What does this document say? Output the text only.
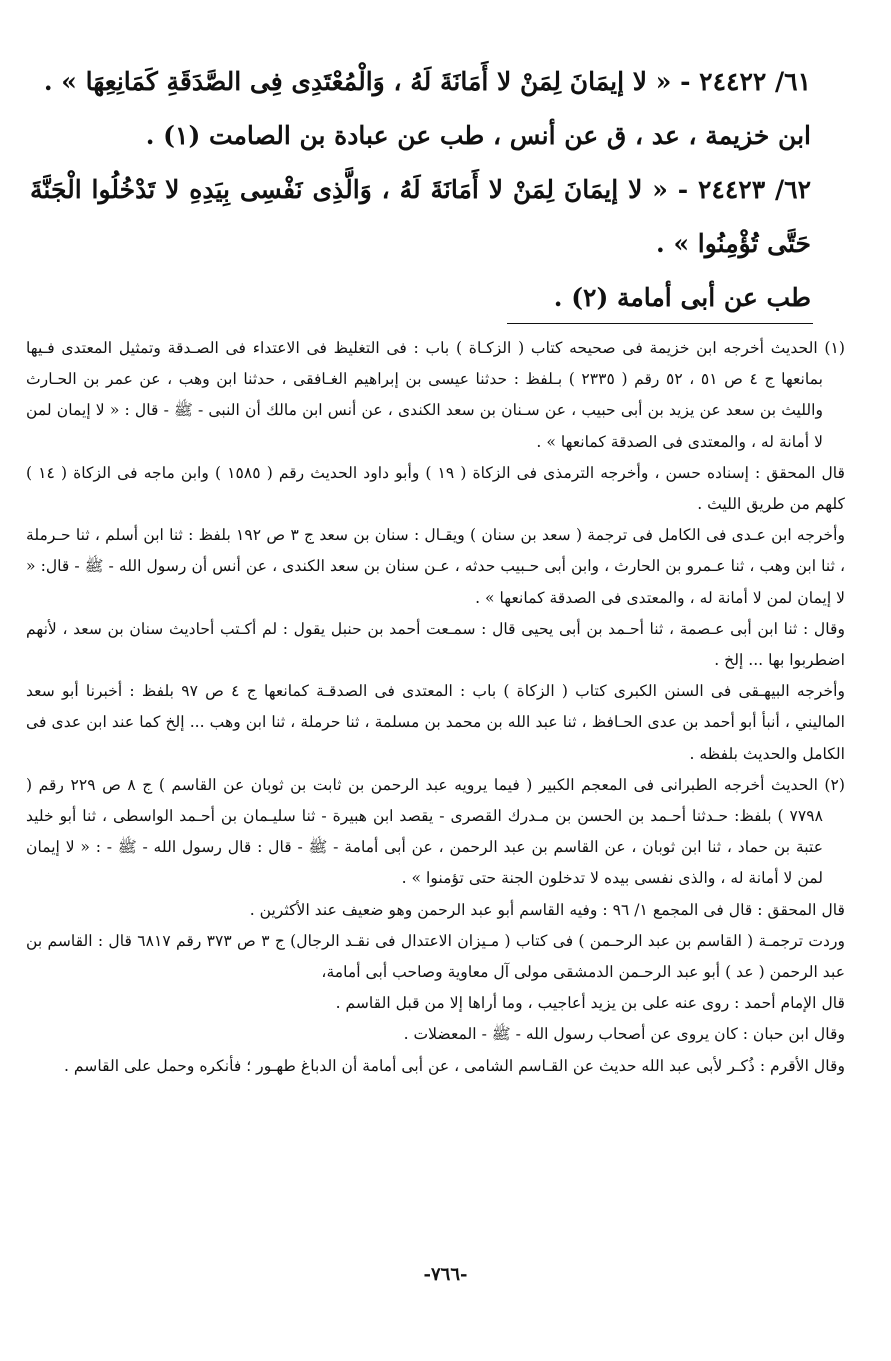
٦١/ ٢٤٤٢٢ - « لا إيمَانَ لِمَنْ لا أَمَانَةَ لَهُ ، وَالْمُعْتَدِى فِى الصَّدَقَةِ كَمَانِعِهَا » .

ابن خزيمة ، عد ، ق عن أنس ، طب عن عبادة بن الصامت (١) .

٦٢/ ٢٤٤٢٣ - « لا إيمَانَ لِمَنْ لا أَمَانَةَ لَهُ ، وَالَّذِى نَفْسِى بِيَدِهِ لا تَدْخُلُوا الْجَنَّةَ حَتَّى تُؤْمِنُوا » .

طب عن أبى أمامة (٢) .

(١) الحديث أخرجه ابن خزيمة فى صحيحه كتاب ( الزكـاة ) باب : فى التغليظ فى الاعتداء فى الصـدقة وتمثيل المعتدى فـيها بمانعها ج ٤ ص ٥١ ، ٥٢ رقم ( ٢٣٣٥ ) بـلفظ : حدثنا عيسى بن إبراهيم الغـافقى ، حدثنا ابن وهب ، عن عمر بن الحـارث والليث بن سعد عن يزيد بن أبى حبيب ، عن سـنان بن سعد الكندى ، عن أنس ابن مالك أن النبى - ﷺ - قال : « لا إيمان لمن لا أمانة له ، والمعتدى فى الصدقة كمانعها » .

قال المحقق : إسناده حسن ، وأخرجه الترمذى فى الزكاة ( ١٩ ) وأبو داود الحديث رقم ( ١٥٨٥ ) وابن ماجه فى الزكاة ( ١٤ ) كلهم من طريق الليث .

وأخرجه ابن عـدى فى الكامل فى ترجمة ( سعد بن سنان ) ويقـال : سنان بن سعد ج ٣ ص ١٩٢ بلفظ : ثنا ابن أسلم ، ثنا حـرملة ، ثنا ابن وهب ، ثنا عـمرو بن الحارث ، وابن أبى حـبيب حدثه ، عـن سنان بن سعد الكندى ، عن أنس أن رسول الله - ﷺ - قال: « لا إيمان لمن لا أمانة له ، والمعتدى فى الصدقة كمانعها » .

وقال : ثنا ابن أبى عـصمة ، ثنا أحـمد بن أبى يحيى قال : سمـعت أحمد بن حنبل يقول : لم أكـتب أحاديث سنان بن سعد ، لأنهم اضطربوا بها ... إلخ .

وأخرجه البيهـقى فى السنن الكبرى كتاب ( الزكاة ) باب : المعتدى فى الصدقـة كمانعها ج ٤ ص ٩٧ بلفظ : أخبرنا أبو سعد الماليني ، أنبأ أبو أحمد بن عدى الحـافظ ، ثنا عبد الله بن محمد بن مسلمة ، ثنا حرملة ، ثنا ابن وهب ... إلخ كما عند ابن عدى فى الكامل والحديث بلفظه .

(٢) الحديث أخرجه الطبرانى فى المعجم الكبير ( فيما يرويه عبد الرحمن بن ثابت بن ثوبان عن القاسم ) ج ٨ ص ٢٢٩ رقم ( ٧٧٩٨ ) بلفظ: حـدثنا أحـمد بن الحسن بن مـدرك القصرى - يقصد ابن هبيرة - ثنا سليـمان بن أحـمد الواسطى ، ثنا أبو خليد عتبة بن حماد ، ثنا ابن ثوبان ، عن القاسم بن عبد الرحمن ، عن أبى أمامة - ﷺ - قال : قال رسول الله - ﷺ - : « لا إيمان لمن لا أمانة له ، والذى نفسى بيده لا تدخلون الجنة حتى تؤمنوا » .

قال المحقق : قال فى المجمع ١/ ٩٦ : وفيه القاسم أبو عبد الرحمن وهو ضعيف عند الأكثرين .

وردت ترجمـة ( القاسم بن عبد الرحـمن ) فى كتاب ( مـيزان الاعتدال فى نقـد الرجال) ج ٣ ص ٣٧٣ رقم ٦٨١٧ قال : القاسم بن عبد الرحمن ( عد ) أبو عبد الرحـمن الدمشقى مولى آل معاوية وصاحب أبى أمامة،

قال الإمام أحمد : روى عنه على بن يزيد أعاجيب ، وما أراها إلا من قبل القاسم .

وقال ابن حبان : كان يروى عن أصحاب رسول الله - ﷺ - المعضلات .

وقال الأقرم : ذُكـر لأبى عبد الله حديث عن القـاسم الشامى ، عن أبى أمامة أن الدباغ طهـور ؛ فأنكره وحمل على القاسم .

-٧٦٦-
